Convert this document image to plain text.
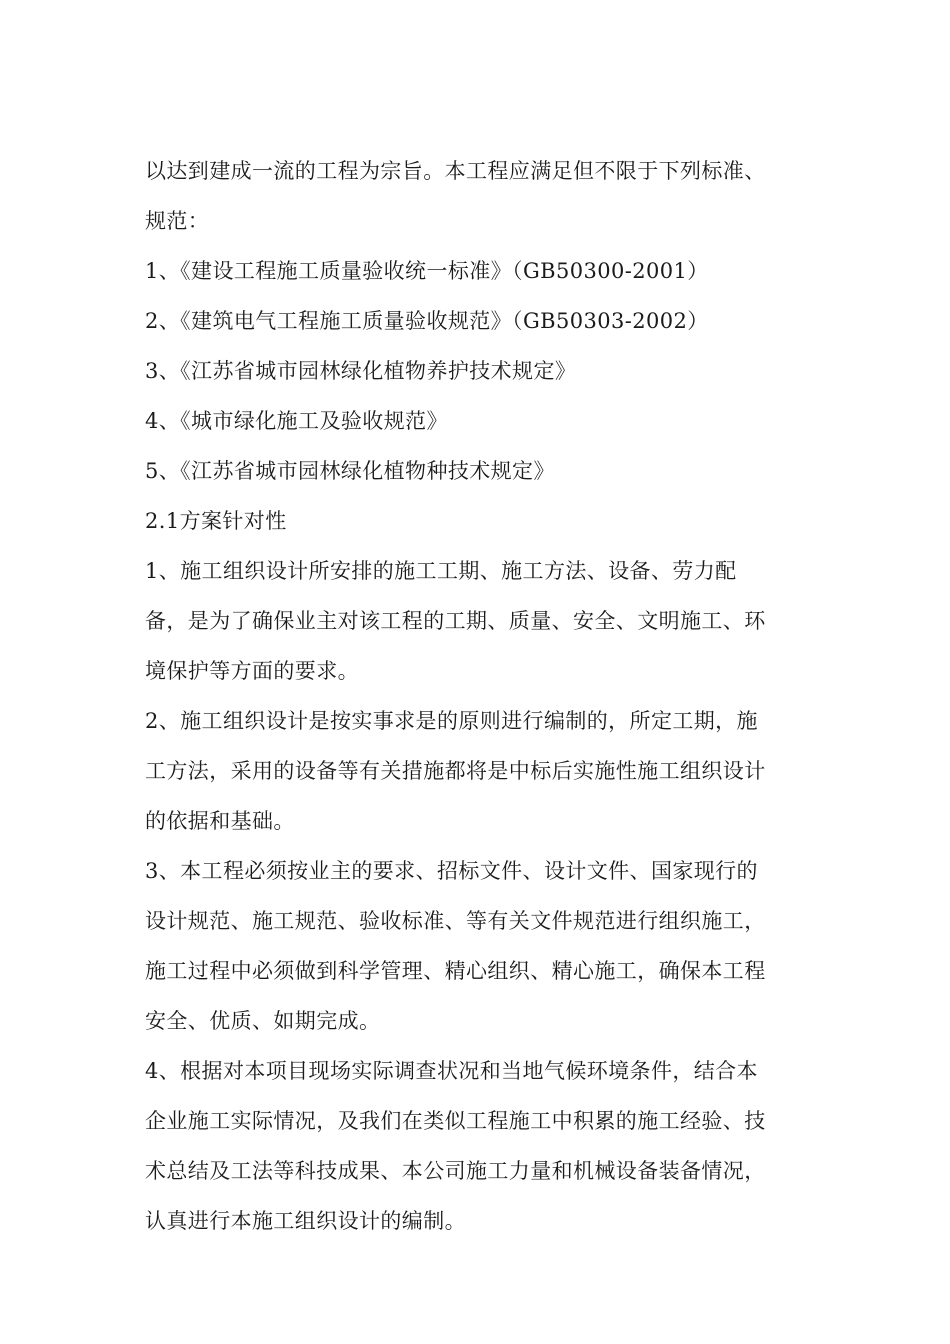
以达到建成一流的工程为宗旨。本工程应满足但不限于下列标准、
规范：
1、《建设工程施工质量验收统一标准》（GB50300-2001）
2、《建筑电气工程施工质量验收规范》（GB50303-2002）
3、《江苏省城市园林绿化植物养护技术规定》
4、《城市绿化施工及验收规范》
5、《江苏省城市园林绿化植物种技术规定》
2.1方案针对性
1、施工组织设计所安排的施工工期、施工方法、设备、劳力配
备，是为了确保业主对该工程的工期、质量、安全、文明施工、环
境保护等方面的要求。
2、施工组织设计是按实事求是的原则进行编制的，所定工期，施
工方法，采用的设备等有关措施都将是中标后实施性施工组织设计
的依据和基础。
3、本工程必须按业主的要求、招标文件、设计文件、国家现行的
设计规范、施工规范、验收标准、等有关文件规范进行组织施工，
施工过程中必须做到科学管理、精心组织、精心施工，确保本工程
安全、优质、如期完成。
4、根据对本项目现场实际调查状况和当地气候环境条件，结合本
企业施工实际情况，及我们在类似工程施工中积累的施工经验、技
术总结及工法等科技成果、本公司施工力量和机械设备装备情况，
认真进行本施工组织设计的编制。
